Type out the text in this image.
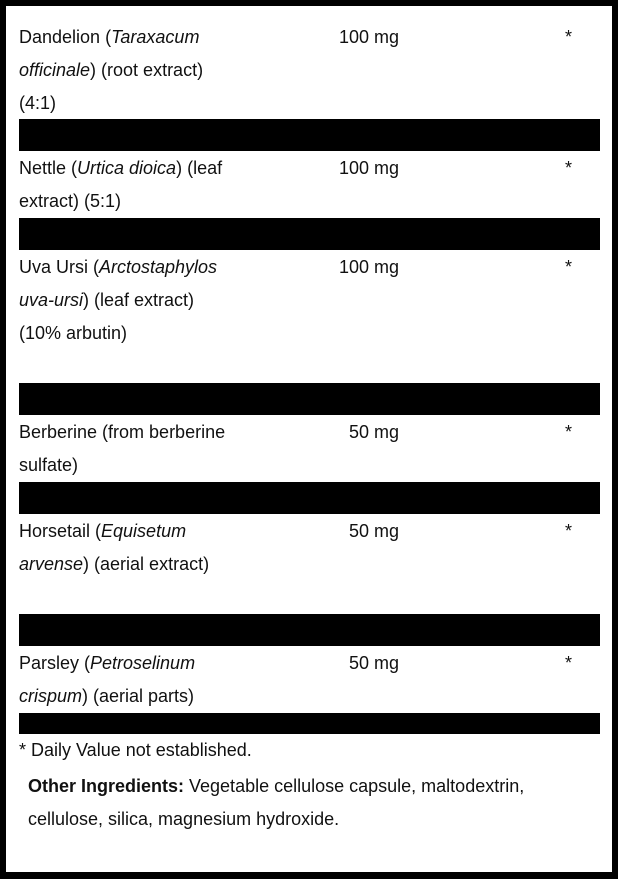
Dandelion (Taraxacum officinale) (root extract) (4:1)
100 mg	*
Nettle (Urtica dioica) (leaf extract) (5:1)
100 mg	*
Uva Ursi (Arctostaphylos uva-ursi) (leaf extract) (10% arbutin)
100 mg	*
Berberine (from berberine sulfate)
50 mg	*
Horsetail (Equisetum arvense) (aerial extract)
50 mg	*
Parsley (Petroselinum crispum) (aerial parts)
50 mg	*
* Daily Value not established.
Other Ingredients: Vegetable cellulose capsule, maltodextrin, cellulose, silica, magnesium hydroxide.
